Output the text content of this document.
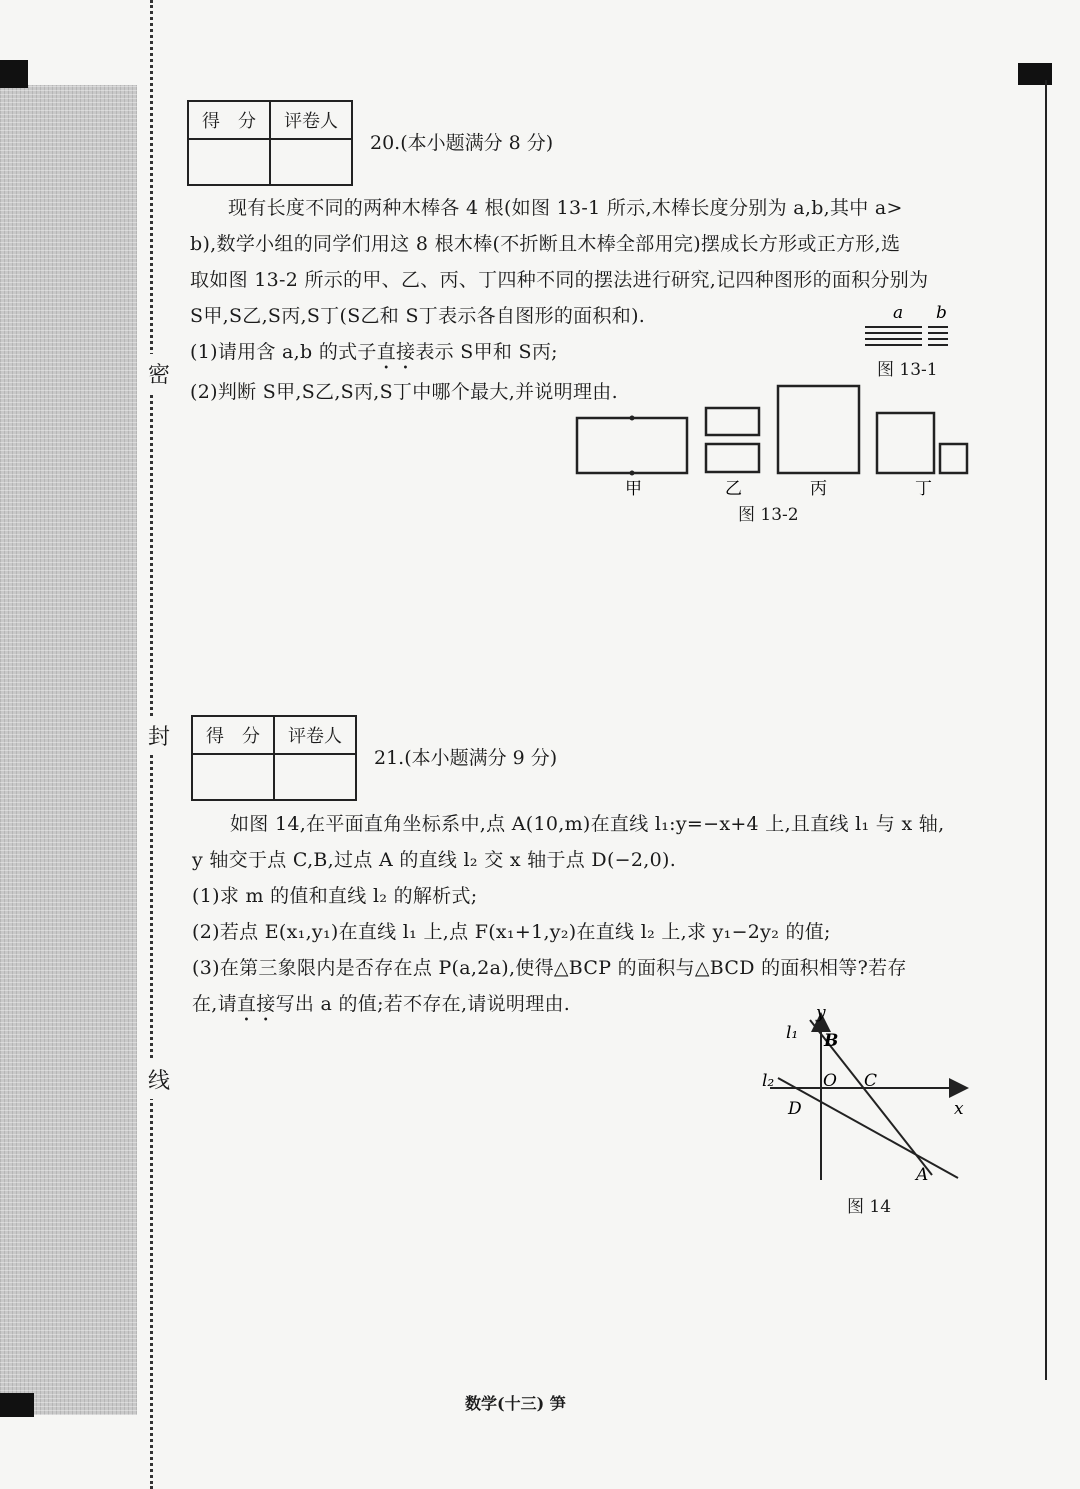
密
封
线
得　分	评卷人

20.(本小题满分 8 分)

现有长度不同的两种木棒各 4 根(如图 13-1 所示,木棒长度分别为 a,b,其中 a>

b),数学小组的同学们用这 8 根木棒(不折断且木棒全部用完)摆成长方形或正方形,选

取如图 13-2 所示的甲、乙、丙、丁四种不同的摆法进行研究,记四种图形的面积分别为

S甲,S乙,S丙,S丁(S乙和 S丁表示各自图形的面积和).

(1)请用含 a,b 的式子直接表示 S甲和 S丙;

(2)判断 S甲,S乙,S丙,S丁中哪个最大,并说明理由.

a b
图 13-1
甲	乙	丙	丁
图 13-2
得　分	评卷人

21.(本小题满分 9 分)

如图 14,在平面直角坐标系中,点 A(10,m)在直线 l₁:y=−x+4 上,且直线 l₁ 与 x 轴,

y 轴交于点 C,B,过点 A 的直线 l₂ 交 x 轴于点 D(−2,0).

(1)求 m 的值和直线 l₂ 的解析式;

(2)若点 E(x₁,y₁)在直线 l₁ 上,点 F(x₁+1,y₂)在直线 l₂ 上,求 y₁−2y₂ 的值;

(3)在第三象限内是否存在点 P(a,2a),使得△BCP 的面积与△BCD 的面积相等?若存

在,请直接写出 a 的值;若不存在,请说明理由.	y
x
l₁
l₂
B
O C
D
A
图 14
数学(十三) 笋
